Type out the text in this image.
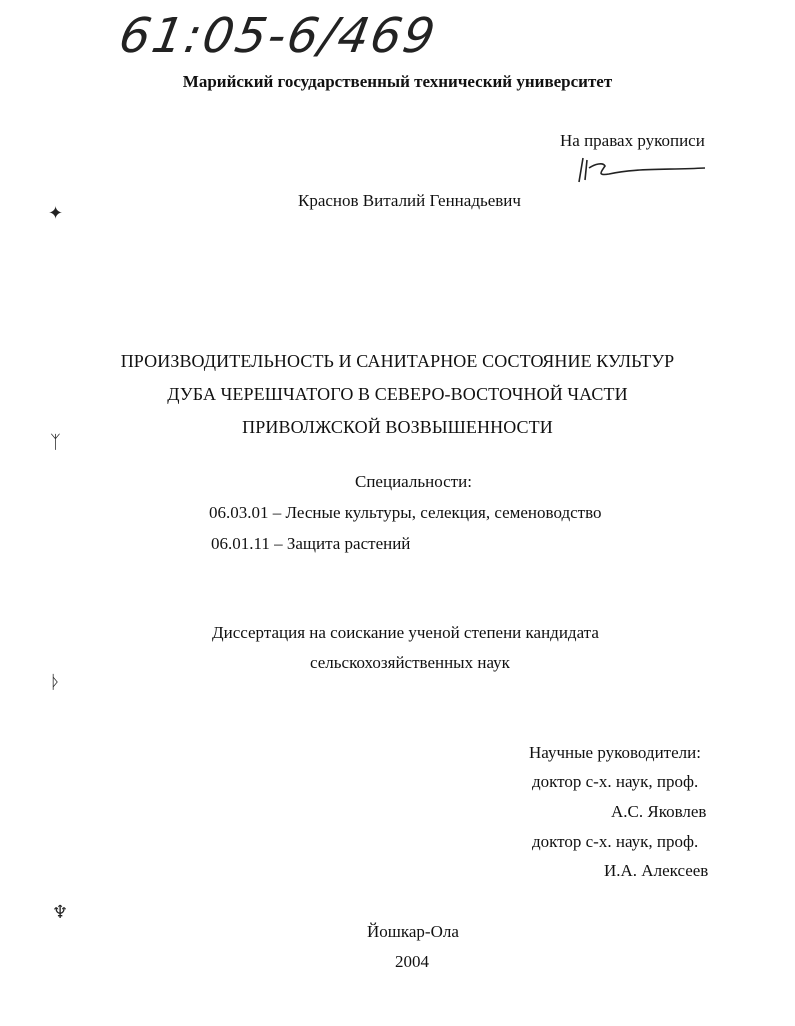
61:05-6/469
Марийский государственный технический университет
На правах рукописи
Краснов Виталий Геннадьевич
✦
ᛉ
ᚦ
♆
ПРОИЗВОДИТЕЛЬНОСТЬ И САНИТАРНОЕ СОСТОЯНИЕ КУЛЬТУР
ДУБА ЧЕРЕШЧАТОГО В СЕВЕРО-ВОСТОЧНОЙ ЧАСТИ
ПРИВОЛЖСКОЙ ВОЗВЫШЕННОСТИ
Специальности:
06.03.01 – Лесные культуры, селекция, семеноводство
06.01.11 – Защита растений
Диссертация на соискание ученой степени кандидата
сельскохозяйственных наук
Научные руководители:
доктор с-х. наук, проф.
А.С. Яковлев
доктор с-х. наук, проф.
И.А. Алексеев
Йошкар-Ола
2004
